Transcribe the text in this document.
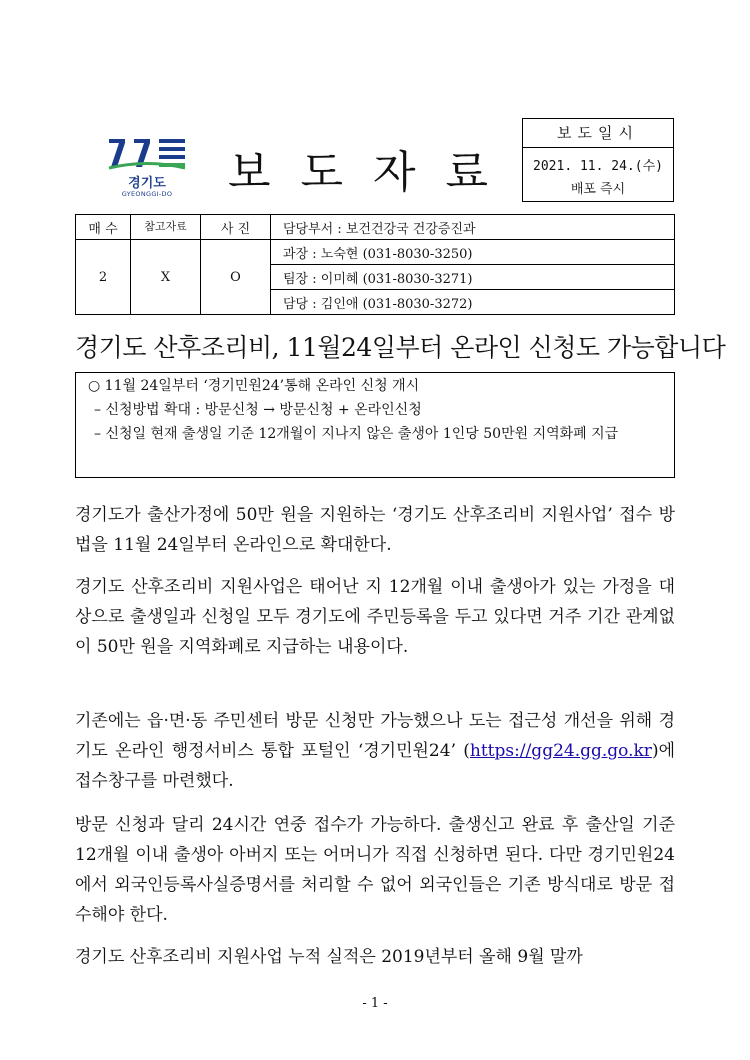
경기도
GYEONGGI-DO	보도자료
보도일시
2021. 11. 24.(수)
배포 즉시
매 수	참고자료	사 진	담당부서 : 보건건강국 건강증진과
2	X	O	과장 : 노숙현 (031-8030-3250)
			팀장 : 이미혜 (031-8030-3271)
			담당 : 김인애 (031-8030-3272)
경기도 산후조리비, 11월24일부터 온라인 신청도 가능합니다
○ 11월 24일부터 ‘경기민원24’통해 온라인 신청 개시
– 신청방법 확대 : 방문신청 → 방문신청 + 온라인신청
– 신청일 현재 출생일 기준 12개월이 지나지 않은 출생아 1인당 50만원 지역화폐 지급
경기도가 출산가정에 50만 원을 지원하는 ‘경기도 산후조리비 지원사업’ 접수 방법을 11월 24일부터 온라인으로 확대한다.
경기도 산후조리비 지원사업은 태어난 지 12개월 이내 출생아가 있는 가정을 대상으로 출생일과 신청일 모두 경기도에 주민등록을 두고 있다면 거주 기간 관계없이 50만 원을 지역화폐로 지급하는 내용이다.
기존에는 읍·면·동 주민센터 방문 신청만 가능했으나 도는 접근성 개선을 위해 경기도 온라인 행정서비스 통합 포털인 ‘경기민원24’ (https://gg24.gg.go.kr)에 접수창구를 마련했다.
방문 신청과 달리 24시간 연중 접수가 가능하다. 출생신고 완료 후 출산일 기준 12개월 이내 출생아 아버지 또는 어머니가 직접 신청하면 된다. 다만 경기민원24에서 외국인등록사실증명서를 처리할 수 없어 외국인들은 기존 방식대로 방문 접수해야 한다.
경기도 산후조리비 지원사업 누적 실적은 2019년부터 올해 9월 말까
- 1 -
